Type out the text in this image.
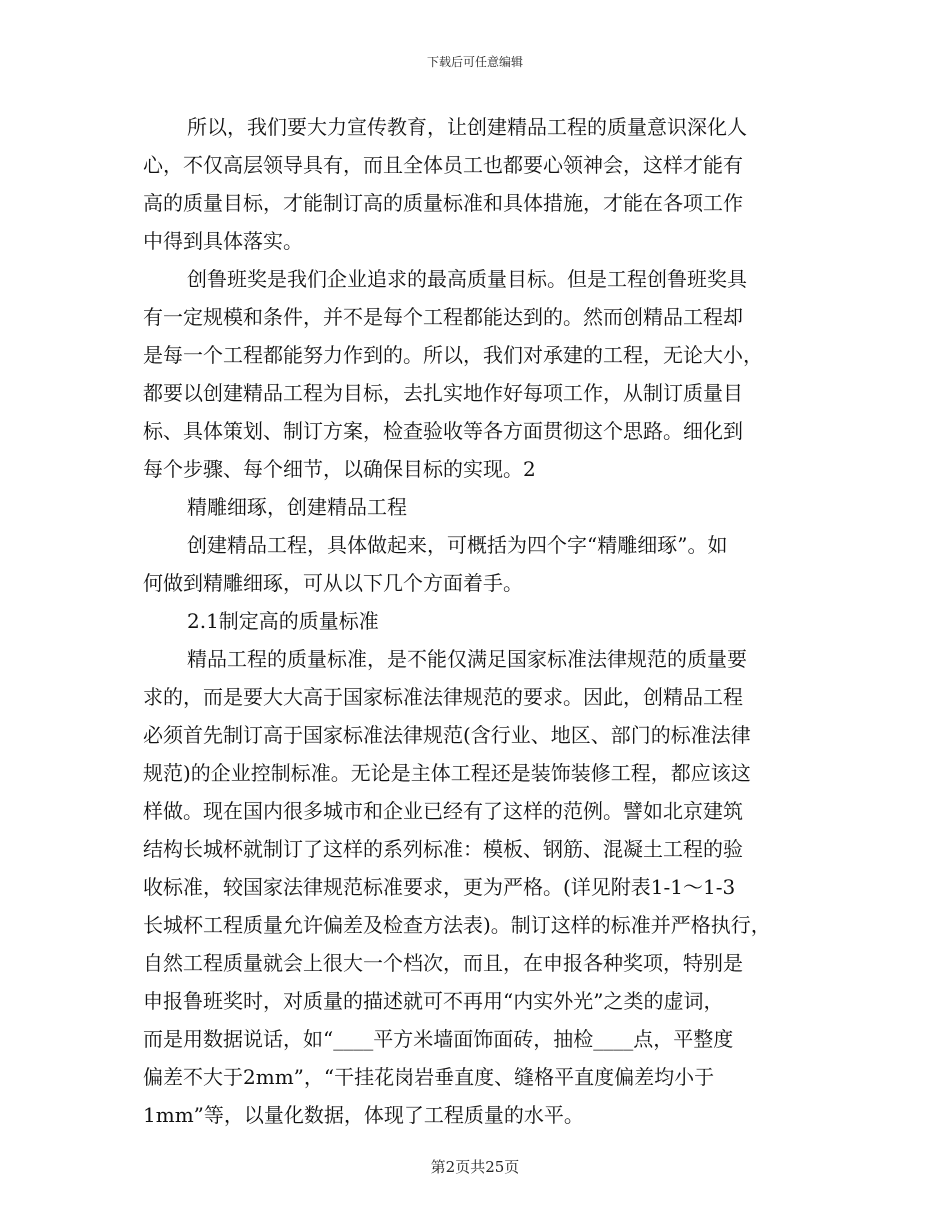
下载后可任意编辑

所以，我们要大力宣传教育，让创建精品工程的质量意识深化人
心，不仅高层领导具有，而且全体员工也都要心领神会，这样才能有
高的质量目标，才能制订高的质量标准和具体措施，才能在各项工作
中得到具体落实。

创鲁班奖是我们企业追求的最高质量目标。但是工程创鲁班奖具
有一定规模和条件，并不是每个工程都能达到的。然而创精品工程却
是每一个工程都能努力作到的。所以，我们对承建的工程，无论大小，
都要以创建精品工程为目标，去扎实地作好每项工作，从制订质量目
标、具体策划、制订方案，检查验收等各方面贯彻这个思路。细化到
每个步骤、每个细节，以确保目标的实现。2

精雕细琢，创建精品工程

创建精品工程，具体做起来，可概括为四个字“精雕细琢”。如
何做到精雕细琢，可从以下几个方面着手。

2.1制定高的质量标准

精品工程的质量标准，是不能仅满足国家标准法律规范的质量要
求的，而是要大大高于国家标准法律规范的要求。因此，创精品工程
必须首先制订高于国家标准法律规范(含行业、地区、部门的标准法律
规范)的企业控制标准。无论是主体工程还是装饰装修工程，都应该这
样做。现在国内很多城市和企业已经有了这样的范例。譬如北京建筑
结构长城杯就制订了这样的系列标准：模板、钢筋、混凝土工程的验
收标准，较国家法律规范标准要求，更为严格。(详见附表1-1～1-3
长城杯工程质量允许偏差及检查方法表)。制订这样的标准并严格执行，
自然工程质量就会上很大一个档次，而且，在申报各种奖项，特别是
申报鲁班奖时，对质量的描述就可不再用“内实外光”之类的虚词，
而是用数据说话，如“____平方米墙面饰面砖，抽检____点，平整度
偏差不大于2mm”，“干挂花岗岩垂直度、缝格平直度偏差均小于
1mm”等，以量化数据，体现了工程质量的水平。

第2页共25页
